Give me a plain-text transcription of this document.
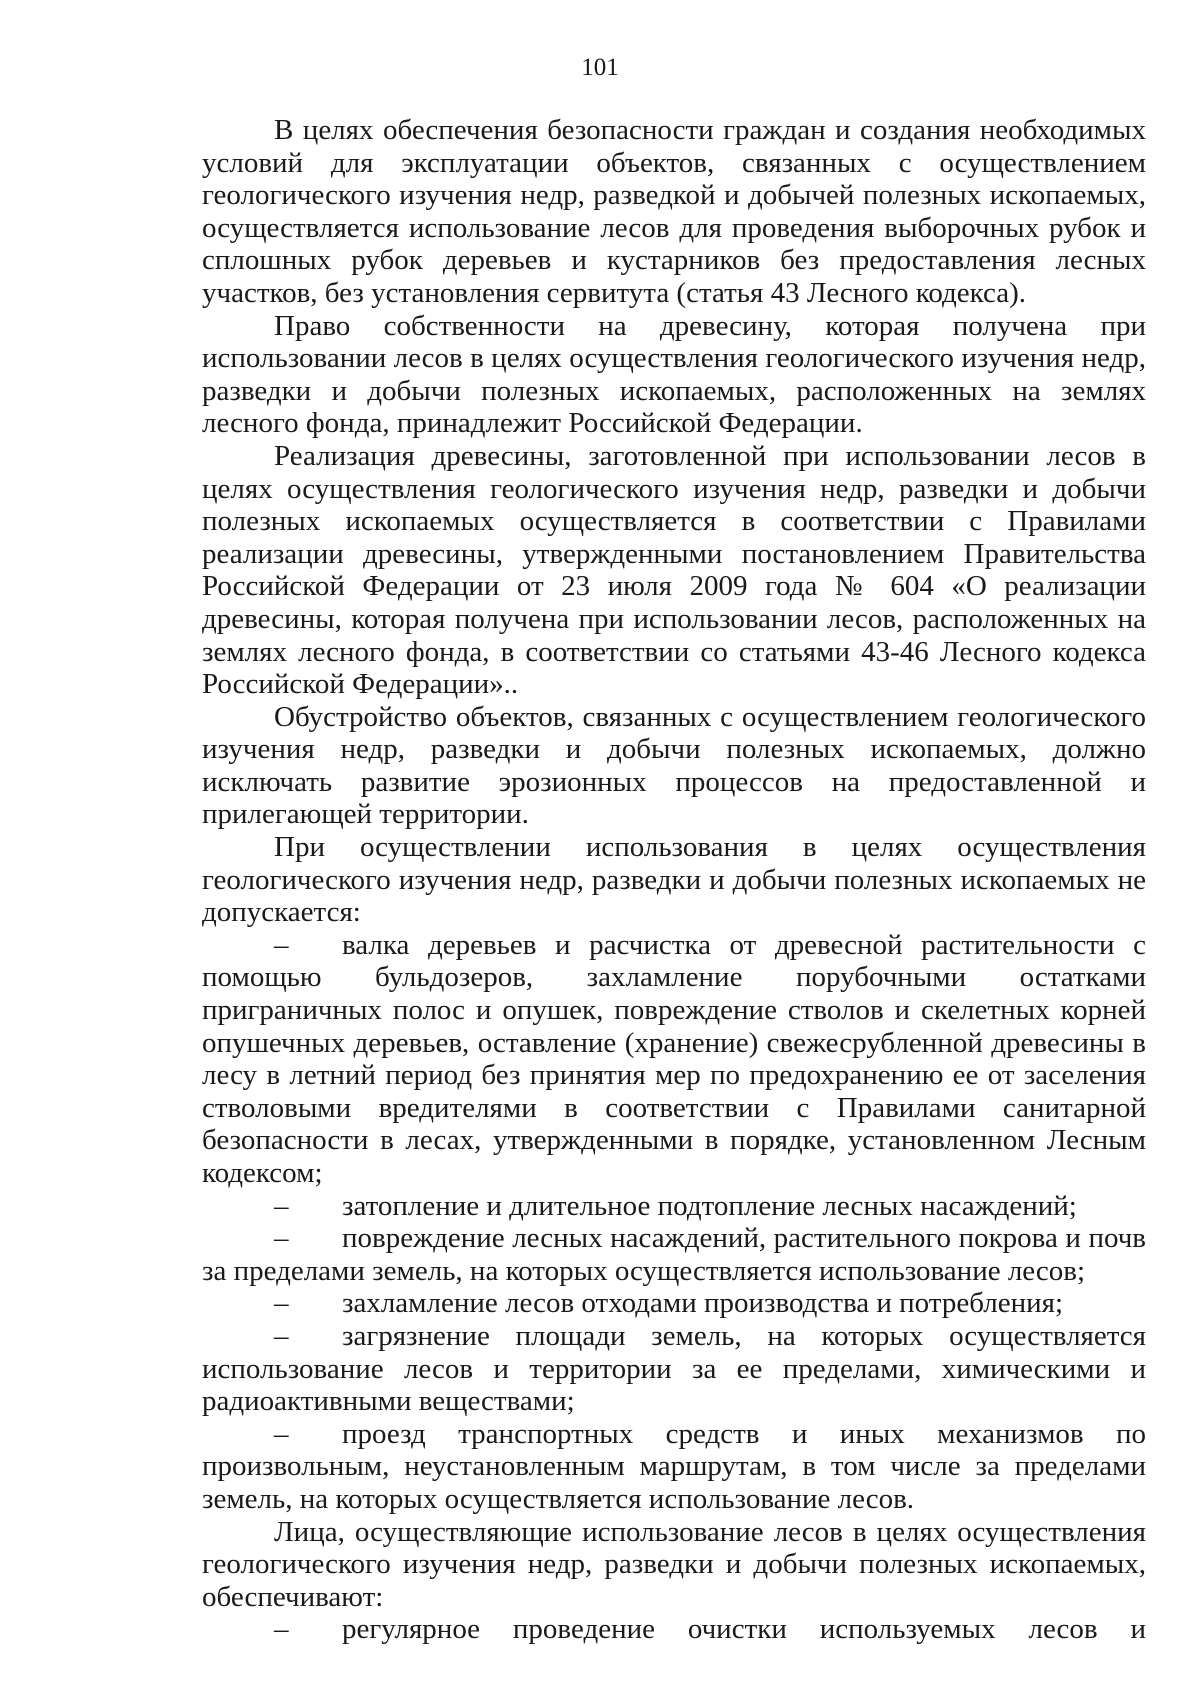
101

В целях обеспечения безопасности граждан и создания необходимых условий для эксплуатации объектов, связанных с осуществлением геологического изучения недр, разведкой и добычей полезных ископаемых, осуществляется использование лесов для проведения выборочных рубок и сплошных рубок деревьев и кустарников без предоставления лесных участков, без установления сервитута (статья 43 Лесного кодекса).

Право собственности на древесину, которая получена при использовании лесов в целях осуществления геологического изучения недр, разведки и добычи полезных ископаемых, расположенных на землях лесного фонда, принадлежит Российской Федерации.

Реализация древесины, заготовленной при использовании лесов в целях осуществления геологического изучения недр, разведки и добычи полезных ископаемых осуществляется в соответствии с Правилами реализации древесины, утвержденными постановлением Правительства Российской Федерации от 23 июля 2009 года № 604 «О реализации древесины, которая получена при использовании лесов, расположенных на землях лесного фонда, в соответствии со статьями 43-46 Лесного кодекса Российской Федерации»..

Обустройство объектов, связанных с осуществлением геологического изучения недр, разведки и добычи полезных ископаемых, должно исключать развитие эрозионных процессов на предоставленной и прилегающей территории.

При осуществлении использования в целях осуществления геологического изучения недр, разведки и добычи полезных ископаемых не допускается:

– валка деревьев и расчистка от древесной растительности с помощью бульдозеров, захламление порубочными остатками приграничных полос и опушек, повреждение стволов и скелетных корней опушечных деревьев, оставление (хранение) свежесрубленной древесины в лесу в летний период без принятия мер по предохранению ее от заселения стволовыми вредителями в соответствии с Правилами санитарной безопасности в лесах, утвержденными в порядке, установленном Лесным кодексом;

– затопление и длительное подтопление лесных насаждений;

– повреждение лесных насаждений, растительного покрова и почв за пределами земель, на которых осуществляется использование лесов;

– захламление лесов отходами производства и потребления;

– загрязнение площади земель, на которых осуществляется использование лесов и территории за ее пределами, химическими и радиоактивными веществами;

– проезд транспортных средств и иных механизмов по произвольным, неустановленным маршрутам, в том числе за пределами земель, на которых осуществляется использование лесов.

Лица, осуществляющие использование лесов в целях осуществления геологического изучения недр, разведки и добычи полезных ископаемых, обеспечивают:

– регулярное проведение очистки используемых лесов и
